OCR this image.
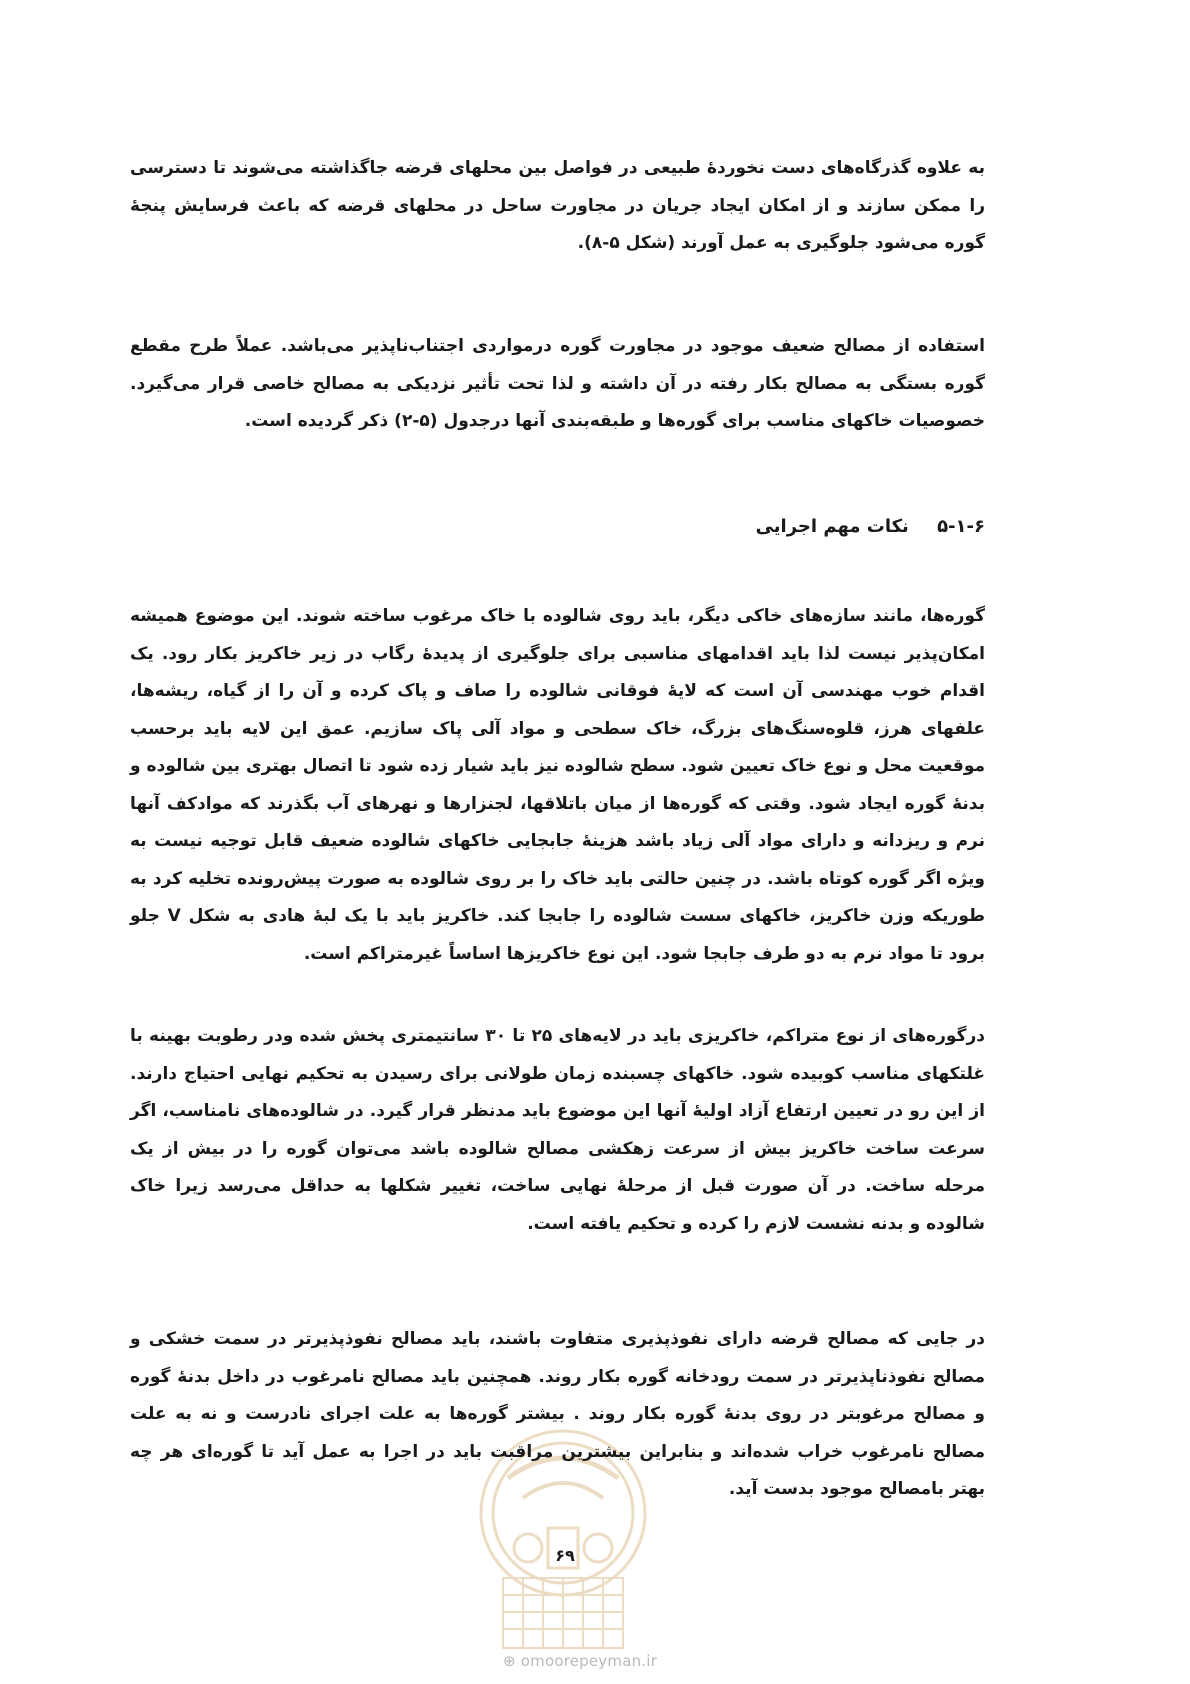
به علاوه گذرگاه‌های دست نخوردهٔ طبیعی در فواصل بین محلهای قرضه جاگذاشته می‌شوند تا دسترسی را ممکن سازند و از امکان ایجاد جریان در مجاورت ساحل در محلهای قرضه که باعث فرسایش پنجهٔ گوره می‌شود جلوگیری به عمل آورند (شکل ۵-۸).

استفاده از مصالح ضعیف موجود در مجاورت گوره درمواردی اجتناب‌ناپذیر می‌باشد. عملاً طرح مقطع گوره بستگی به مصالح بکار رفته در آن داشته و لذا تحت تأثیر نزدیکی به مصالح خاصی قرار می‌گیرد. خصوصیات خاکهای مناسب برای گوره‌ها و طبقه‌بندی آنها درجدول (۵-۲) ذکر گردیده است.

۵-۱-۶ نکات مهم اجرایی

گوره‌ها، مانند سازه‌های خاکی دیگر، باید روی شالوده با خاک مرغوب ساخته شوند. این موضوع همیشه امکان‌پذیر نیست لذا باید اقدامهای مناسبی برای جلوگیری از پدیدهٔ رگاب در زیر خاکریز بکار رود. یک اقدام خوب مهندسی آن است که لایهٔ فوقانی شالوده را صاف و پاک کرده و آن را از گیاه، ریشه‌ها، علفهای هرز، قلوه‌سنگ‌های بزرگ، خاک سطحی و مواد آلی پاک سازیم. عمق این لایه باید برحسب موقعیت محل و نوع خاک تعیین شود. سطح شالوده نیز باید شیار زده شود تا اتصال بهتری بین شالوده و بدنهٔ گوره ایجاد شود. وقتی که گوره‌ها از میان باتلاقها، لجنزارها و نهرهای آب بگذرند که موادکف آنها نرم و ریزدانه و دارای مواد آلی زیاد باشد هزینهٔ جابجایی خاکهای شالوده ضعیف قابل توجیه نیست به ویژه اگر گوره کوتاه باشد. در چنین حالتی باید خاک را بر روی شالوده به صورت پیش‌رونده تخلیه کرد به طوریکه وزن خاکریز، خاکهای سست شالوده را جابجا کند. خاکریز باید با یک لبهٔ هادی به شکل V جلو برود تا مواد نرم به دو طرف جابجا شود. این نوع خاکریزها اساساً غیرمتراکم است.

درگوره‌های از نوع متراکم، خاکریزی باید در لایه‌های ۲۵ تا ۳۰ سانتیمتری پخش شده ودر رطوبت بهینه با غلتکهای مناسب کوبیده شود. خاکهای چسبنده زمان طولانی برای رسیدن به تحکیم نهایی احتیاج دارند. از این رو در تعیین ارتفاع آزاد اولیهٔ آنها این موضوع باید مدنظر قرار گیرد. در شالوده‌های نامناسب، اگر سرعت ساخت خاکریز بیش از سرعت زهکشی مصالح شالوده باشد می‌توان گوره را در بیش از یک مرحله ساخت. در آن صورت قبل از مرحلهٔ نهایی ساخت، تغییر شکلها به حداقل می‌رسد زیرا خاک شالوده و بدنه نشست لازم را کرده و تحکیم یافته است.

در جایی که مصالح قرضه دارای نفوذپذیری متفاوت باشند، باید مصالح نفوذپذیرتر در سمت خشکی و مصالح نفوذناپذیرتر در سمت رودخانه گوره بکار روند. همچنین باید مصالح نامرغوب در داخل بدنهٔ گوره و مصالح مرغوبتر در روی بدنهٔ گوره بکار روند . بیشتر گوره‌ها به علت اجرای نادرست و نه به علت مصالح نامرغوب خراب شده‌اند و بنابراین بیشترین مراقبت باید در اجرا به عمل آید تا گوره‌ای هر چه بهتر بامصالح موجود بدست آید.

۶۹
⊕ omoorepeyman.ir
